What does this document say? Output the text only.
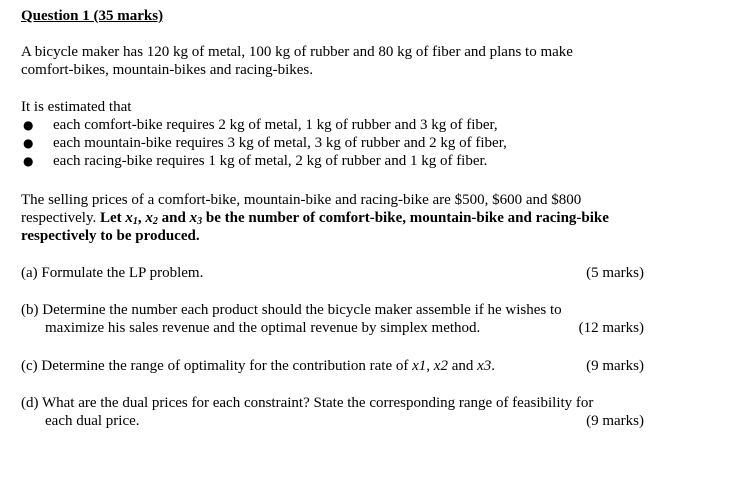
Question 1 (35 marks)
A bicycle maker has 120 kg of metal, 100 kg of rubber and 80 kg of fiber and plans to make
comfort-bikes, mountain-bikes and racing-bikes.
It is estimated that
● each comfort-bike requires 2 kg of metal, 1 kg of rubber and 3 kg of fiber,
● each mountain-bike requires 3 kg of metal, 3 kg of rubber and 2 kg of fiber,
● each racing-bike requires 1 kg of metal, 2 kg of rubber and 1 kg of fiber.
The selling prices of a comfort-bike, mountain-bike and racing-bike are $500, $600 and $800
respectively. Let $x_1$, $x_2$ and $x_3$ be the number of comfort-bike, mountain-bike and racing-bike
respectively to be produced.
(a) Formulate the LP problem.	(5 marks)
(b) Determine the number each product should the bicycle maker assemble if he wishes to
maximize his sales revenue and the optimal revenue by simplex method.	(12 marks)
(c) Determine the range of optimality for the contribution rate of x1, x2 and x3.	(9 marks)
(d) What are the dual prices for each constraint? State the corresponding range of feasibility for
each dual price.	(9 marks)
